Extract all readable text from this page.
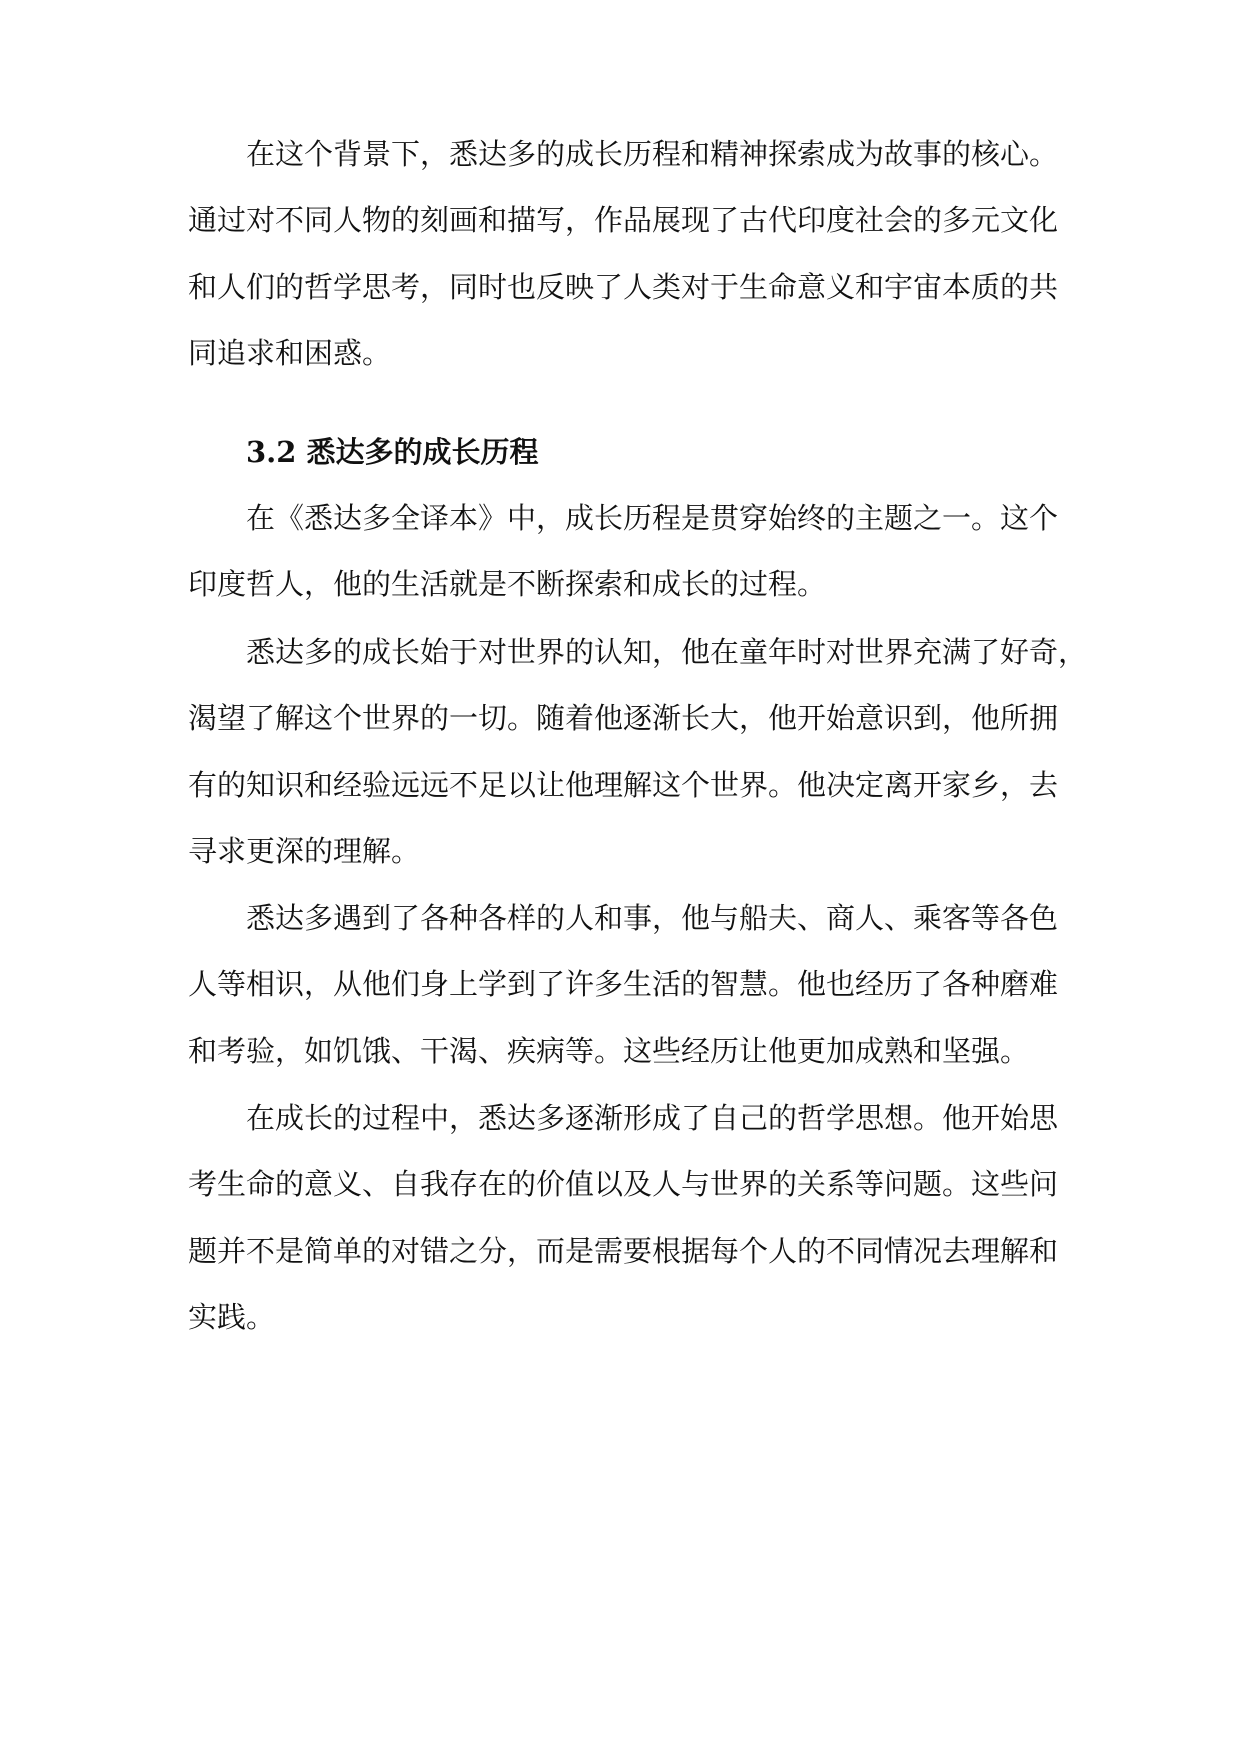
在这个背景下，悉达多的成长历程和精神探索成为故事的核心。

通过对不同人物的刻画和描写，作品展现了古代印度社会的多元文化

和人们的哲学思考，同时也反映了人类对于生命意义和宇宙本质的共

同追求和困惑。

3.2 悉达多的成长历程

在《悉达多全译本》中，成长历程是贯穿始终的主题之一。这个

印度哲人，他的生活就是不断探索和成长的过程。

悉达多的成长始于对世界的认知，他在童年时对世界充满了好奇，

渴望了解这个世界的一切。随着他逐渐长大，他开始意识到，他所拥

有的知识和经验远远不足以让他理解这个世界。他决定离开家乡，去

寻求更深的理解。

悉达多遇到了各种各样的人和事，他与船夫、商人、乘客等各色

人等相识，从他们身上学到了许多生活的智慧。他也经历了各种磨难

和考验，如饥饿、干渴、疾病等。这些经历让他更加成熟和坚强。

在成长的过程中，悉达多逐渐形成了自己的哲学思想。他开始思

考生命的意义、自我存在的价值以及人与世界的关系等问题。这些问

题并不是简单的对错之分，而是需要根据每个人的不同情况去理解和

实践。
